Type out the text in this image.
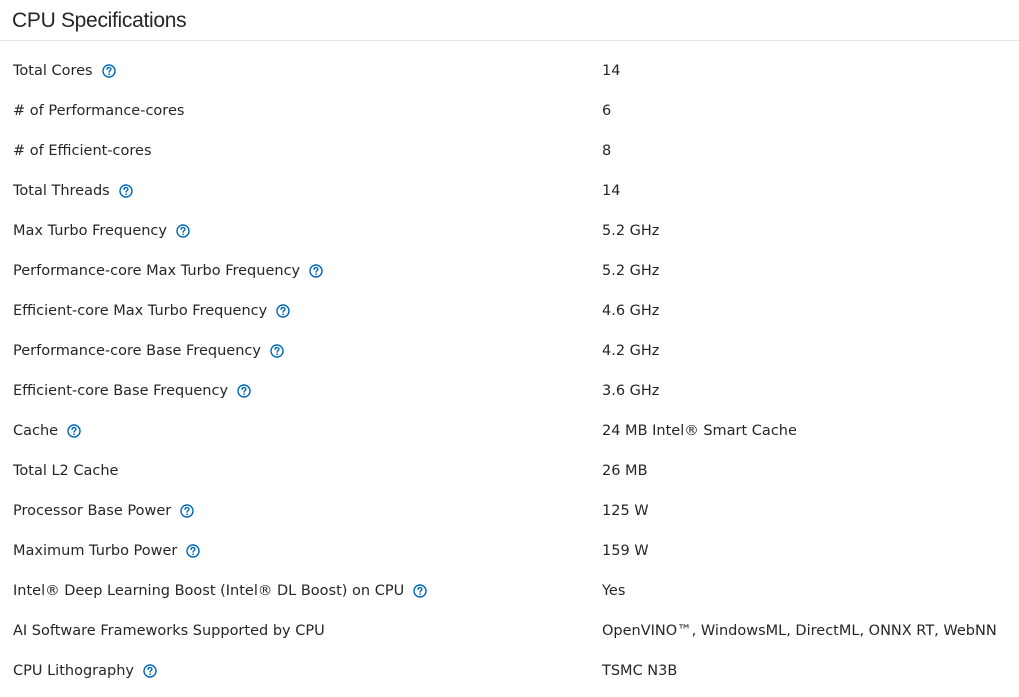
CPU Specifications
Total Cores	14
# of Performance-cores	6
# of Efficient-cores	8
Total Threads	14
Max Turbo Frequency	5.2 GHz
Performance-core Max Turbo Frequency	5.2 GHz
Efficient-core Max Turbo Frequency	4.6 GHz
Performance-core Base Frequency	4.2 GHz
Efficient-core Base Frequency	3.6 GHz
Cache	24 MB Intel® Smart Cache
Total L2 Cache	26 MB
Processor Base Power	125 W
Maximum Turbo Power	159 W
Intel® Deep Learning Boost (Intel® DL Boost) on CPU	Yes
AI Software Frameworks Supported by CPU	OpenVINO™, WindowsML, DirectML, ONNX RT, WebNN
CPU Lithography	TSMC N3B
